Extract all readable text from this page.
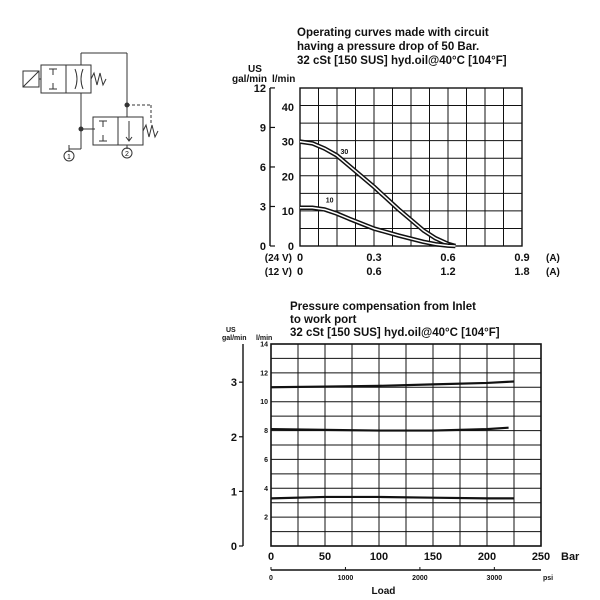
1	2
Operating curves made with circuit
having a pressure drop of 50 Bar.
32 cSt [150 SUS] hyd.oil@40°C [104°F]
US
gal/min l/min
0
3
6
9
12
10
20
30
40
0
(24 V) 0	0.3	0.6	0.9 (A)
(12 V) 0	0.6	1.2	1.8 (A)
30
10
Pressure compensation from Inlet
to work port
32 cSt [150 SUS] hyd.oil@40°C [104°F]
US
gal/min l/min
0
1
2
3
2
4
6
8
10
12
14
0	50	100	150	200	250 Bar
0	1000	2000	3000	psi
Load
